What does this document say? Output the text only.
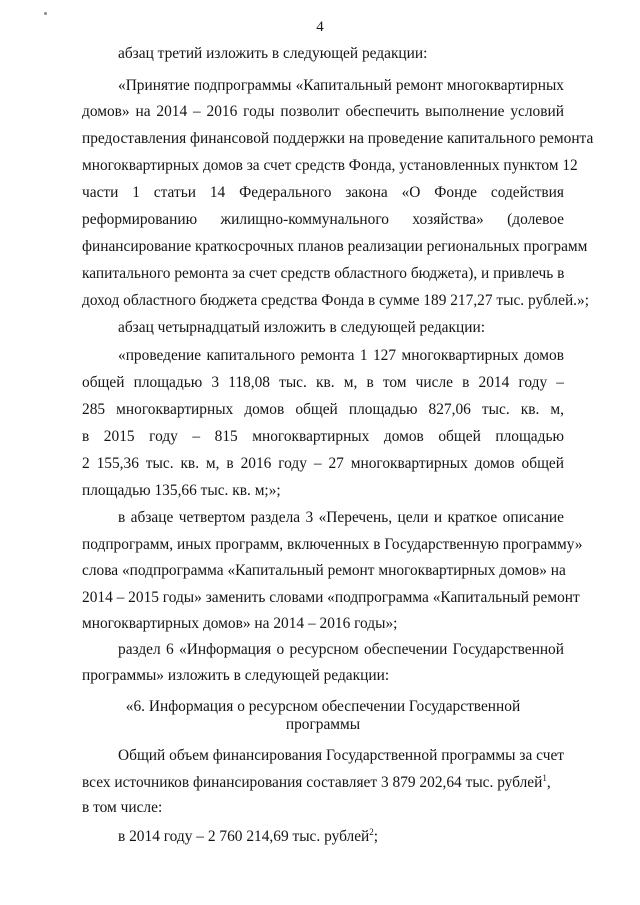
4
абзац третий изложить в следующей редакции:
«Принятие подпрограммы «Капитальный ремонт многоквартирных
домов» на 2014 – 2016 годы позволит обеспечить выполнение условий
предоставления финансовой поддержки на проведение капитального ремонта
многоквартирных домов за счет средств Фонда, установленных пунктом 12
части 1 статьи 14 Федерального закона «О Фонде содействия
реформированию жилищно-коммунального хозяйства» (долевое
финансирование краткосрочных планов реализации региональных программ
капитального ремонта за счет средств областного бюджета), и привлечь в
доход областного бюджета средства Фонда в сумме 189 217,27 тыс. рублей.»;
абзац четырнадцатый изложить в следующей редакции:
«проведение капитального ремонта 1 127 многоквартирных домов
общей площадью 3 118,08 тыс. кв. м, в том числе в 2014 году –
285 многоквартирных домов общей площадью 827,06 тыс. кв. м,
в 2015 году – 815 многоквартирных домов общей площадью
2 155,36 тыс. кв. м, в 2016 году – 27 многоквартирных домов общей
площадью 135,66 тыс. кв. м;»;
в абзаце четвертом раздела 3 «Перечень, цели и краткое описание
подпрограмм, иных программ, включенных в Государственную программу»
слова «подпрограмма «Капитальный ремонт многоквартирных домов» на
2014 – 2015 годы» заменить словами «подпрограмма «Капитальный ремонт
многоквартирных домов» на 2014 – 2016 годы»;
раздел 6 «Информация о ресурсном обеспечении Государственной
программы» изложить в следующей редакции:
«6. Информация о ресурсном обеспечении Государственной
программы
Общий объем финансирования Государственной программы за счет
всех источников финансирования составляет 3 879 202,64 тыс. рублей$^1$,
в том числе:
в 2014 году – 2 760 214,69 тыс. рублей$^2$;
